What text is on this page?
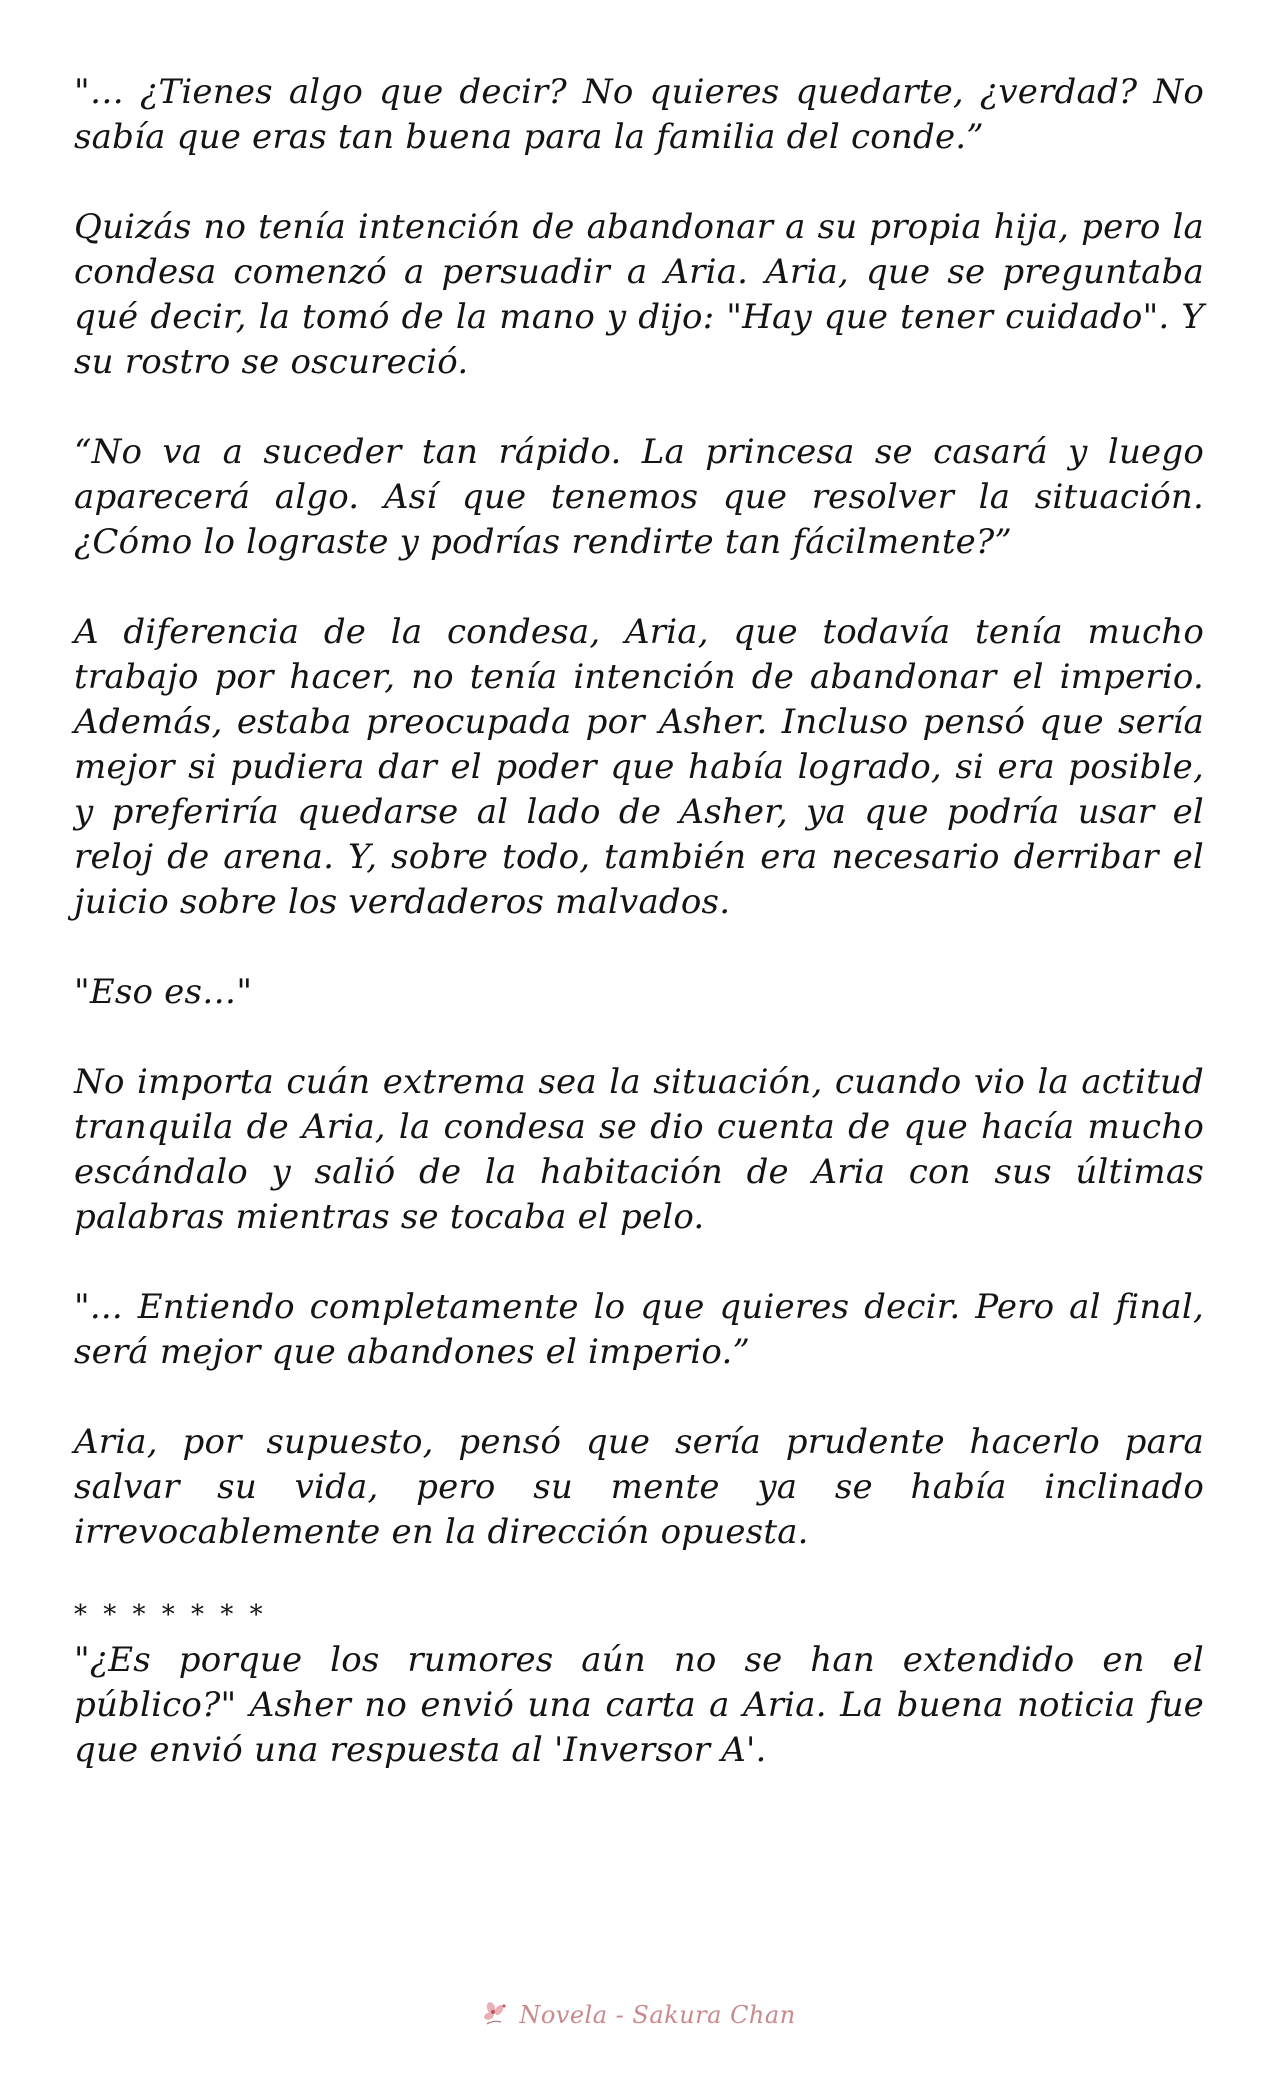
"… ¿Tienes algo que decir? No quieres quedarte, ¿verdad? No sabía que eras tan buena para la familia del conde.”

Quizás no tenía intención de abandonar a su propia hija, pero la condesa comenzó a persuadir a Aria. Aria, que se preguntaba qué decir, la tomó de la mano y dijo: "Hay que tener cuidado". Y su rostro se oscureció.

“No va a suceder tan rápido. La princesa se casará y luego aparecerá algo. Así que tenemos que resolver la situación. ¿Cómo lo lograste y podrías rendirte tan fácilmente?”

A diferencia de la condesa, Aria, que todavía tenía mucho trabajo por hacer, no tenía intención de abandonar el imperio. Además, estaba preocupada por Asher. Incluso pensó que sería mejor si pudiera dar el poder que había logrado, si era posible, y preferiría quedarse al lado de Asher, ya que podría usar el reloj de arena. Y, sobre todo, también era necesario derribar el juicio sobre los verdaderos malvados.

"Eso es…"

No importa cuán extrema sea la situación, cuando vio la actitud tranquila de Aria, la condesa se dio cuenta de que hacía mucho escándalo y salió de la habitación de Aria con sus últimas palabras mientras se tocaba el pelo.

"... Entiendo completamente lo que quieres decir. Pero al final, será mejor que abandones el imperio.”

Aria, por supuesto, pensó que sería prudente hacerlo para salvar su vida, pero su mente ya se había inclinado irrevocablemente en la dirección opuesta.

* * * * * * *

"¿Es porque los rumores aún no se han extendido en el público?" Asher no envió una carta a Aria. La buena noticia fue que envió una respuesta al 'Inversor A'.

Novela - Sakura Chan
